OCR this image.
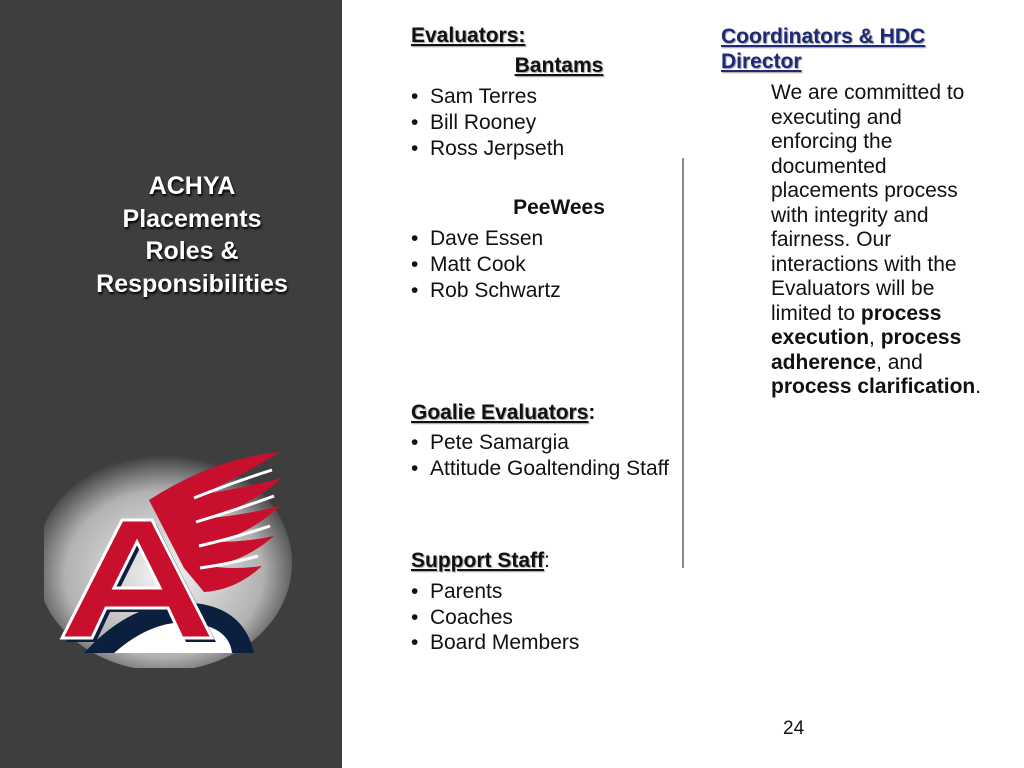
ACHYA
Placements
Roles &
Responsibilities
Evaluators:
Bantams
• Sam Terres
• Bill Rooney
• Ross Jerpseth
PeeWees
• Dave Essen
• Matt Cook
• Rob Schwartz
Goalie Evaluators:
• Pete Samargia
• Attitude Goaltending Staff
Support Staff:
• Parents
• Coaches
• Board Members
Coordinators & HDC Director
We are committed to executing and enforcing the documented placements process with integrity and fairness. Our interactions with the Evaluators will be limited to process execution, process adherence, and process clarification.
24
